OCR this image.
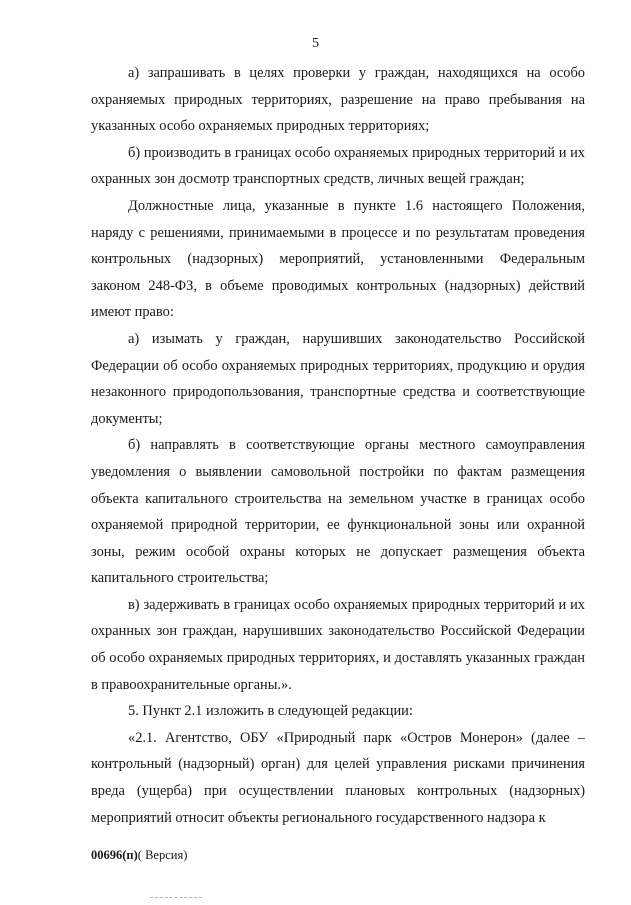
5

а) запрашивать в целях проверки у граждан, находящихся на особо охраняемых природных территориях, разрешение на право пребывания на указанных особо охраняемых природных территориях;

б) производить в границах особо охраняемых природных территорий и их охранных зон досмотр транспортных средств, личных вещей граждан;

Должностные лица, указанные в пункте 1.6 настоящего Положения, наряду с решениями, принимаемыми в процессе и по результатам проведения контрольных (надзорных) мероприятий, установленными Федеральным законом 248-ФЗ, в объеме проводимых контрольных (надзорных) действий имеют право:

а) изымать у граждан, нарушивших законодательство Российской Федерации об особо охраняемых природных территориях, продукцию и орудия незаконного природопользования, транспортные средства и соответствующие документы;

б) направлять в соответствующие органы местного самоуправления уведомления о выявлении самовольной постройки по фактам размещения объекта капитального строительства на земельном участке в границах особо охраняемой природной территории, ее функциональной зоны или охранной зоны, режим особой охраны которых не допускает размещения объекта капитального строительства;

в) задерживать в границах особо охраняемых природных территорий и их охранных зон граждан, нарушивших законодательство Российской Федерации об особо охраняемых природных территориях, и доставлять указанных граждан в правоохранительные органы.».

5. Пункт 2.1 изложить в следующей редакции:

«2.1. Агентство, ОБУ «Природный парк «Остров Монерон» (далее – контрольный (надзорный) орган) для целей управления рисками причинения вреда (ущерба) при осуществлении плановых контрольных (надзорных) мероприятий относит объекты регионального государственного надзора к

00696(п)( Версия)
